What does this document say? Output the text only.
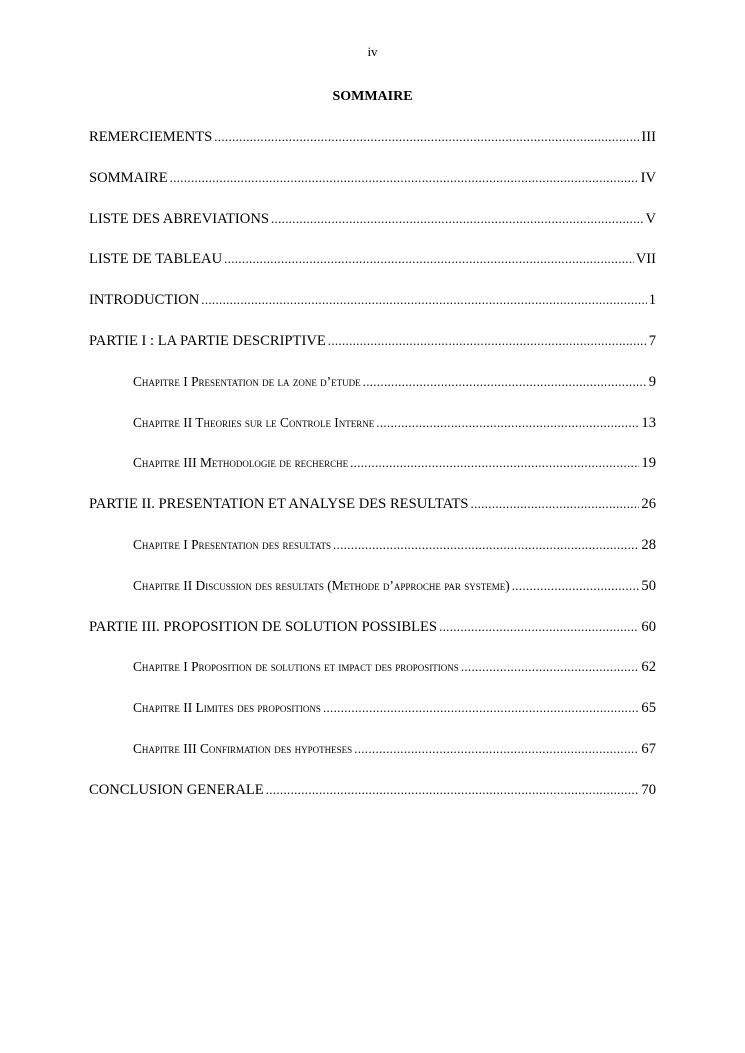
iv
SOMMAIRE
REMERCIEMENTS .....	III
SOMMAIRE .....	IV
LISTE DES ABREVIATIONS .....	V
LISTE DE TABLEAU .....	VII
INTRODUCTION .....	1
PARTIE I : LA PARTIE DESCRIPTIVE .....	7
Chapitre I Presentation de la zone d’etude .....	9
Chapitre II Theories sur le Controle Interne .....	13
Chapitre III Methodologie de recherche .....	19
PARTIE II. PRESENTATION ET ANALYSE DES RESULTATS .....	26
Chapitre I Presentation des resultats .....	28
Chapitre II Discussion des resultats (Methode d’approche par systeme) .....	50
PARTIE III. PROPOSITION DE SOLUTION POSSIBLES .....	60
Chapitre I Proposition de solutions et impact des propositions .....	62
Chapitre II Limites des propositions .....	65
Chapitre III Confirmation des hypotheses .....	67
CONCLUSION GENERALE .....	70
